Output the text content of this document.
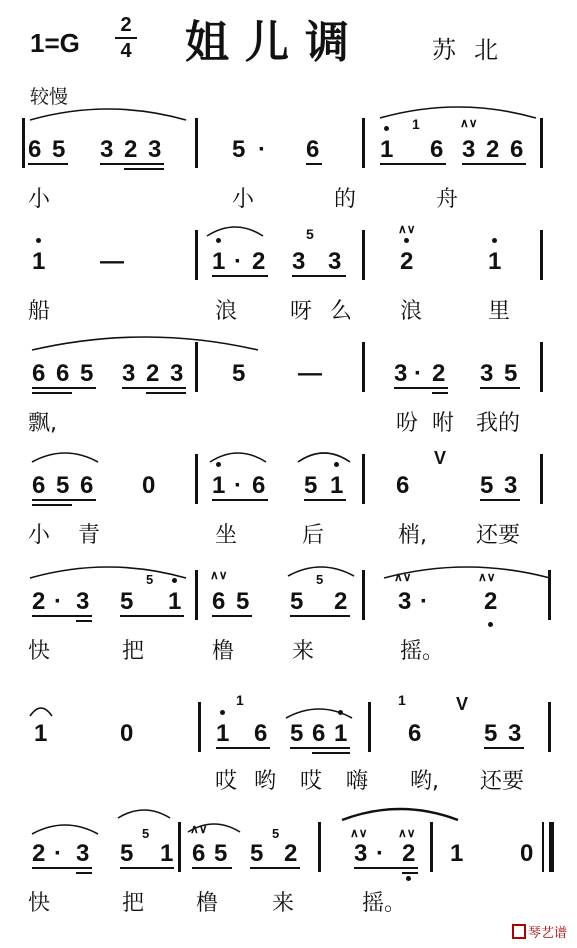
1=G
2
4 姐儿调	苏北
较慢
6 5 3 2 3	5 · 6	1
1
6 3
∧∨
2 6
小	小	的	舟
1 —	1 · 2
5
3 3
∧∨
2	1
船	浪 呀 么 浪	里
6 6 5 3 2 3 5 —	3 · 2 3 5
飘,	吩 咐 我的
6 5 6 0 1 · 6 5 1
V
6	5 3
小 青	坐	后	梢, 还要
2 · 3 5
5
1
∧∨
6 5 5
5
2
∧∨
3 ·
∧∨
2
快	把	橹	来	摇。
1	0
1
1 6 5 6 1
1
6
V
5 3
哎 哟 哎 嗨 哟, 还要
2 · 3 5
5
1
∧∨
6 5 5
5
2
∧∨
3 ·
∧∨
2 1 0
快	把 橹 来	摇。
琴艺谱
